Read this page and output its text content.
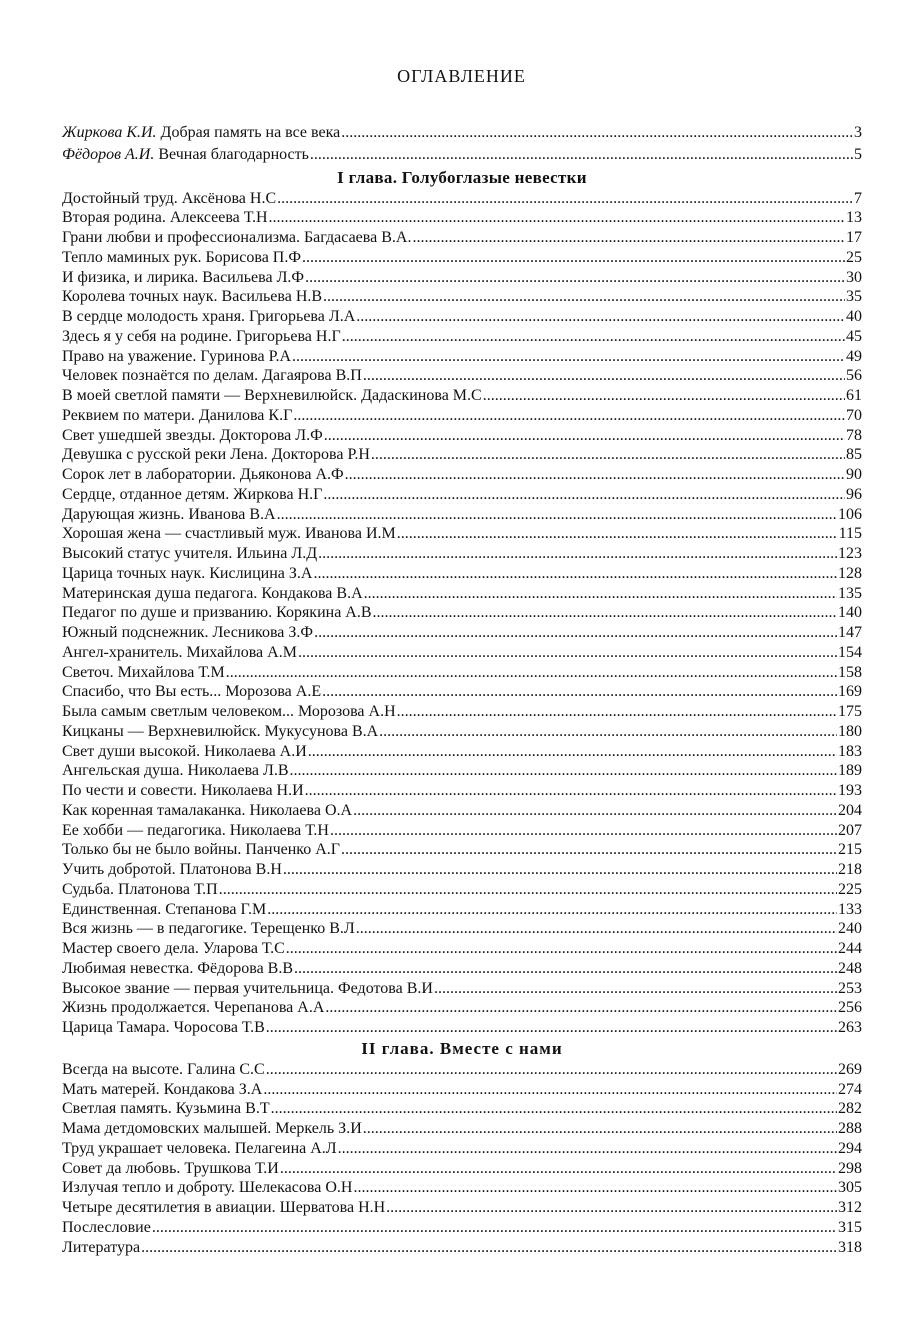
ОГЛАВЛЕНИЕ
Жиркова К.И. Добрая память на все века .....	3
Фёдоров А.И. Вечная благодарность .....	5
I глава. Голубоглазые невестки
Достойный труд. Аксёнова Н.С .....	7
Вторая родина. Алексеева Т.Н .....	13
Грани любви и профессионализма. Багдасаева В.А. .....	17
Тепло маминых рук. Борисова П.Ф .....	25
И физика, и лирика. Васильева Л.Ф .....	30
Королева точных наук. Васильева Н.В .....	35
В сердце молодость храня. Григорьева Л.А .....	40
Здесь я у себя на родине. Григорьева Н.Г .....	45
Право на уважение. Гуринова Р.А .....	49
Человек познаётся по делам. Дагаярова В.П .....	56
В моей светлой памяти — Верхневилюйск. Дадаскинова М.С .....	61
Реквием по матери. Данилова К.Г .....	70
Свет ушедшей звезды. Докторова Л.Ф .....	78
Девушка с русской реки Лена. Докторова Р.Н .....	85
Сорок лет в лаборатории. Дьяконова А.Ф .....	90
Сердце, отданное детям. Жиркова Н.Г .....	96
Дарующая жизнь. Иванова В.А .....	106
Хорошая жена — счастливый муж. Иванова И.М .....	115
Высокий статус учителя. Ильина Л.Д .....	123
Царица точных наук. Кислицина З.А .....	128
Материнская душа педагога. Кондакова В.А .....	135
Педагог по душе и призванию. Корякина А.В .....	140
Южный подснежник. Лесникова З.Ф .....	147
Ангел-хранитель. Михайлова А.М .....	154
Светоч. Михайлова Т.М .....	158
Спасибо, что Вы есть... Морозова А.Е .....	169
Была самым светлым человеком... Морозова А.Н .....	175
Кицканы — Верхневилюйск. Мукусунова В.А .....	180
Свет души высокой. Николаева А.И .....	183
Ангельская душа. Николаева Л.В .....	189
По чести и совести. Николаева Н.И .....	193
Как коренная тамалаканка. Николаева О.А .....	204
Ее хобби — педагогика. Николаева Т.Н .....	207
Только бы не было войны. Панченко А.Г .....	215
Учить добротой. Платонова В.Н .....	218
Судьба. Платонова Т.П .....	225
Единственная. Степанова Г.М .....	133
Вся жизнь — в педагогике. Терещенко В.Л .....	240
Мастер своего дела. Уларова Т.С .....	244
Любимая невестка. Фёдорова В.В .....	248
Высокое звание — первая учительница. Федотова В.И .....	253
Жизнь продолжается. Черепанова А.А .....	256
Царица Тамара. Чоросова Т.В .....	263
II глава. Вместе с нами
Всегда на высоте. Галина С.С .....	269
Мать матерей. Кондакова З.А .....	274
Светлая память. Кузьмина В.Т .....	282
Мама детдомовских малышей. Меркель З.И .....	288
Труд украшает человека. Пелагеина А.Л .....	294
Совет да любовь. Трушкова Т.И .....	298
Излучая тепло и доброту. Шелекасова О.Н .....	305
Четыре десятилетия в авиации. Шерватова Н.Н .....	312
Послесловие .....	315
Литература .....	318
